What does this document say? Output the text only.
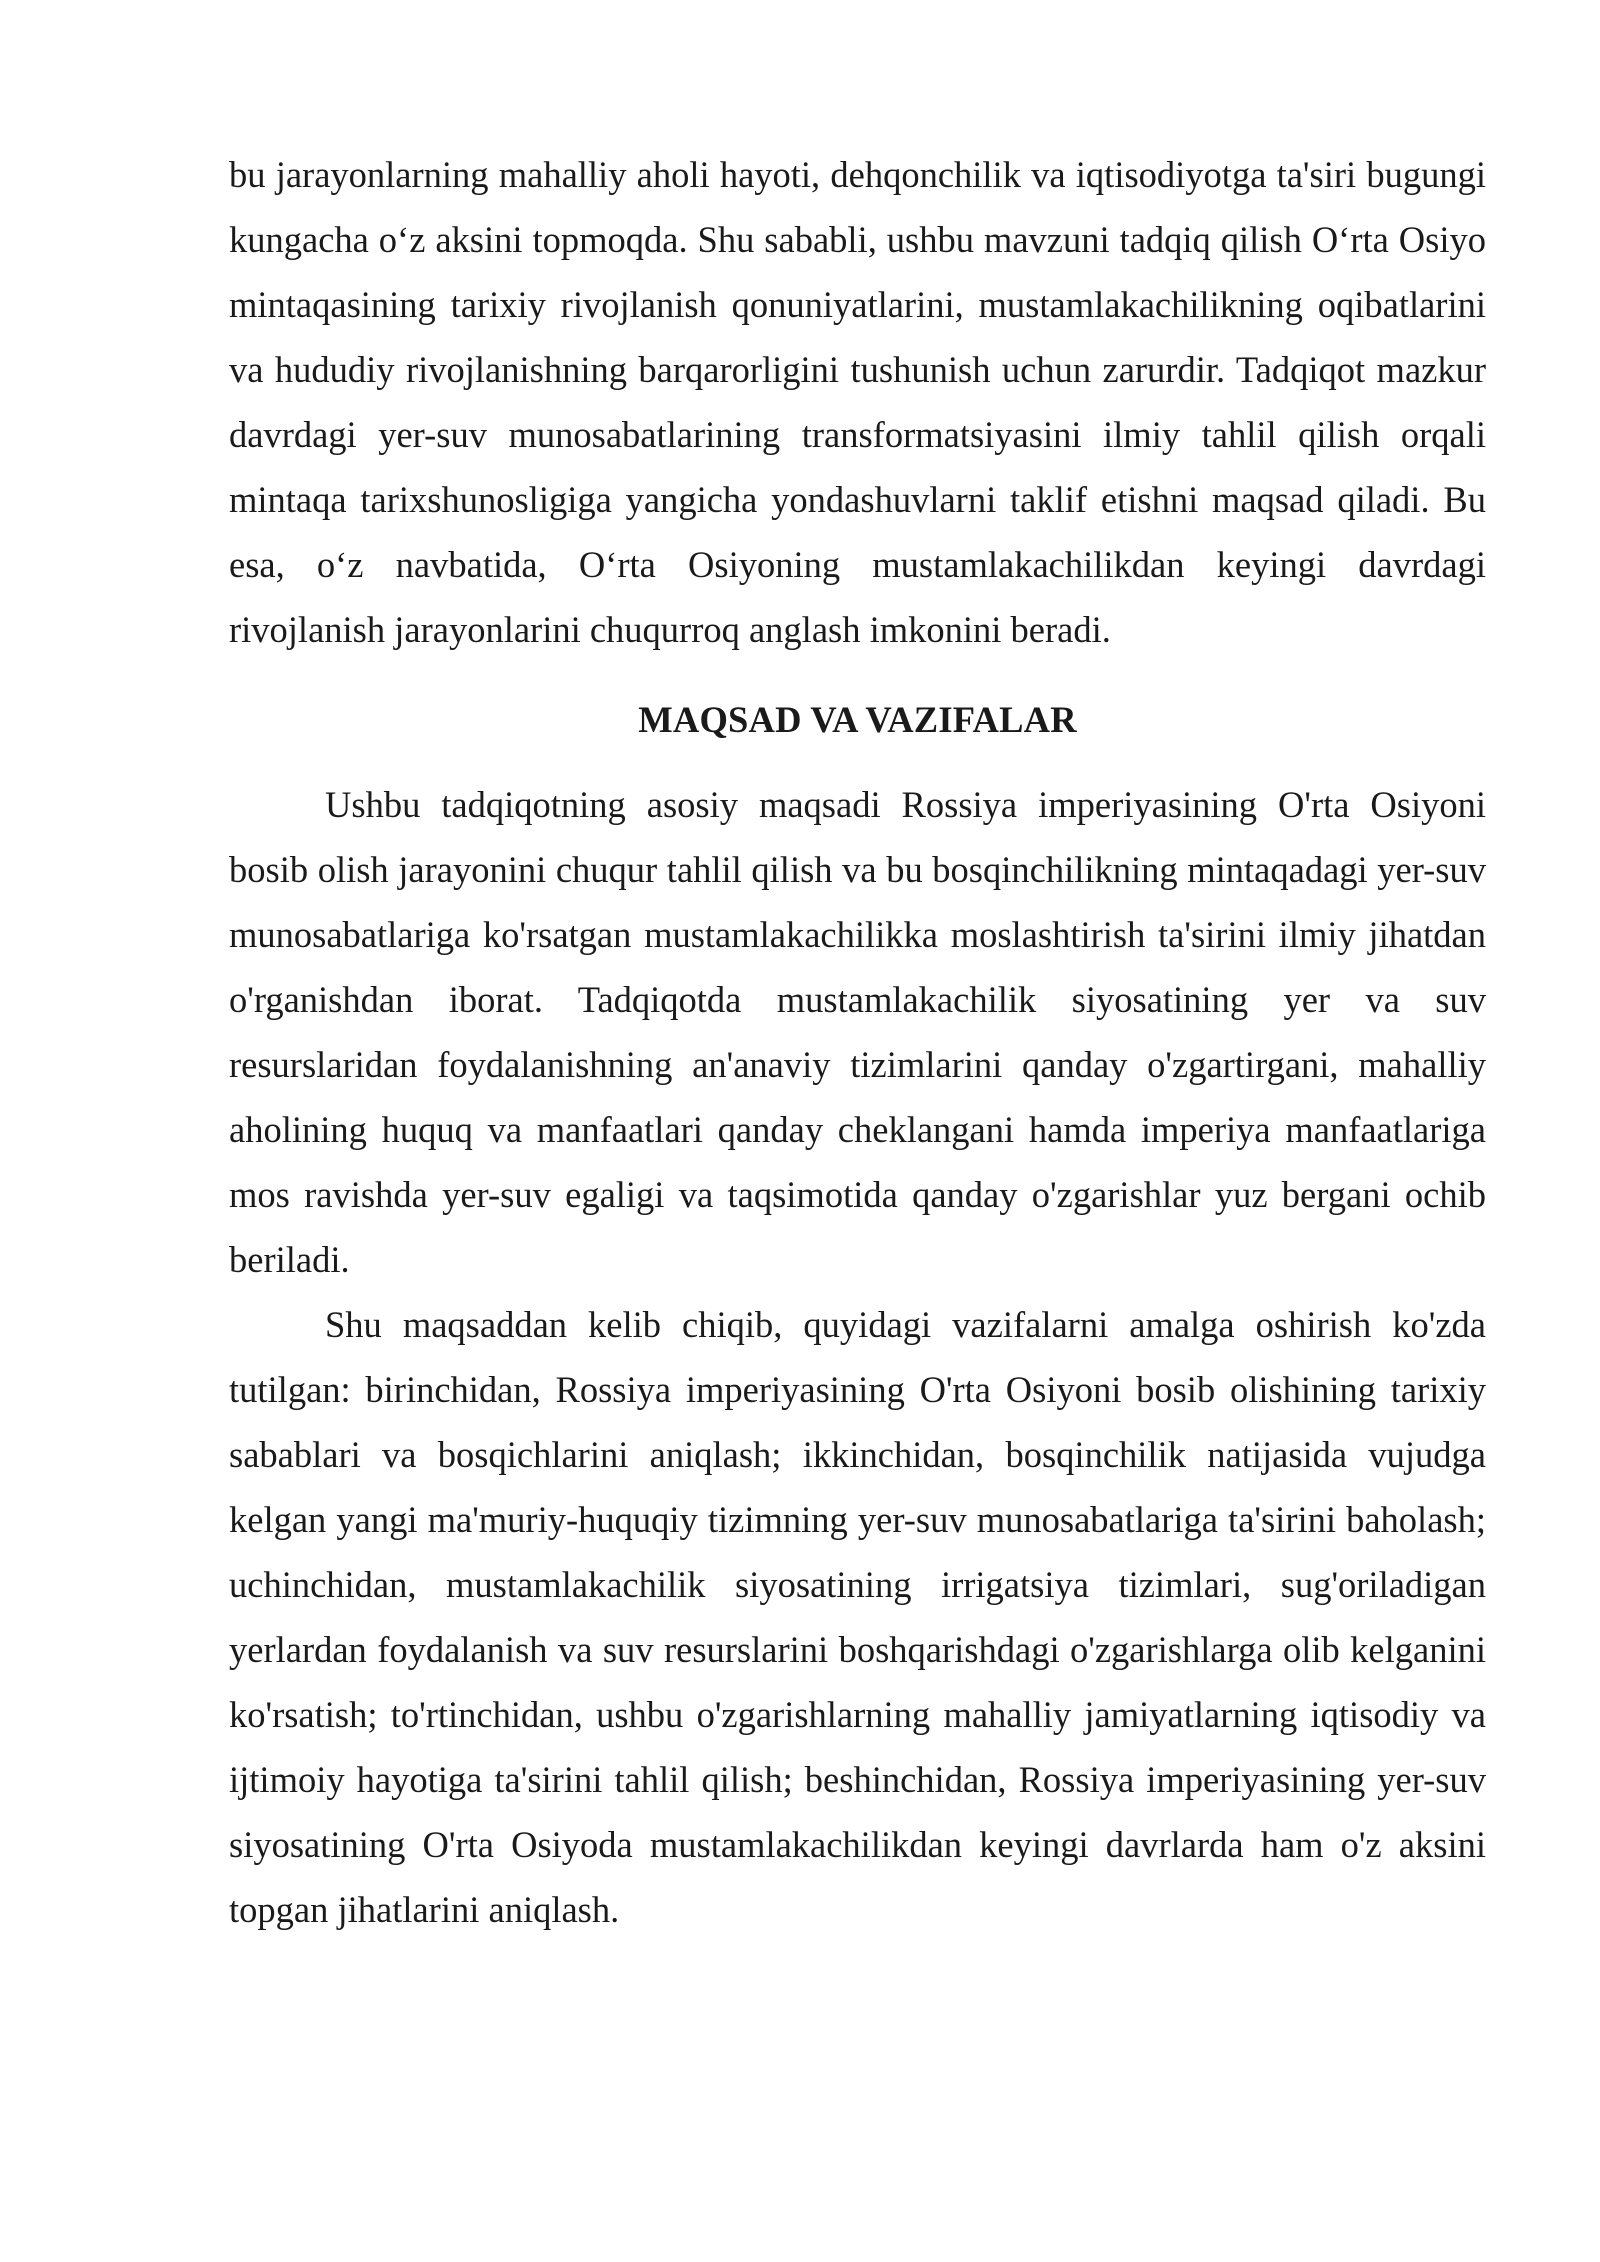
bu jarayonlarning mahalliy aholi hayoti, dehqonchilik va iqtisodiyotga ta'siri bugungi kungacha o‘z aksini topmoqda. Shu sababli, ushbu mavzuni tadqiq qilish O‘rta Osiyo mintaqasining tarixiy rivojlanish qonuniyatlarini, mustamlakachilikning oqibatlarini va hududiy rivojlanishning barqarorligini tushunish uchun zarurdir. Tadqiqot mazkur davrdagi yer-suv munosabatlarining transformatsiyasini ilmiy tahlil qilish orqali mintaqa tarixshunosligiga yangicha yondashuvlarni taklif etishni maqsad qiladi. Bu esa, o‘z navbatida, O‘rta Osiyoning mustamlakachilikdan keyingi davrdagi rivojlanish jarayonlarini chuqurroq anglash imkonini beradi.

MAQSAD VA VAZIFALAR

Ushbu tadqiqotning asosiy maqsadi Rossiya imperiyasining O'rta Osiyoni bosib olish jarayonini chuqur tahlil qilish va bu bosqinchilikning mintaqadagi yer-suv munosabatlariga ko'rsatgan mustamlakachilikka moslashtirish ta'sirini ilmiy jihatdan o'rganishdan iborat. Tadqiqotda mustamlakachilik siyosatining yer va suv resurslaridan foydalanishning an'anaviy tizimlarini qanday o'zgartirgani, mahalliy aholining huquq va manfaatlari qanday cheklangani hamda imperiya manfaatlariga mos ravishda yer-suv egaligi va taqsimotida qanday o'zgarishlar yuz bergani ochib beriladi.

Shu maqsaddan kelib chiqib, quyidagi vazifalarni amalga oshirish ko'zda tutilgan: birinchidan, Rossiya imperiyasining O'rta Osiyoni bosib olishining tarixiy sabablari va bosqichlarini aniqlash; ikkinchidan, bosqinchilik natijasida vujudga kelgan yangi ma'muriy-huquqiy tizimning yer-suv munosabatlariga ta'sirini baholash; uchinchidan, mustamlakachilik siyosatining irrigatsiya tizimlari, sug'oriladigan yerlardan foydalanish va suv resurslarini boshqarishdagi o'zgarishlarga olib kelganini ko'rsatish; to'rtinchidan, ushbu o'zgarishlarning mahalliy jamiyatlarning iqtisodiy va ijtimoiy hayotiga ta'sirini tahlil qilish; beshinchidan, Rossiya imperiyasining yer-suv siyosatining O'rta Osiyoda mustamlakachilikdan keyingi davrlarda ham o'z aksini topgan jihatlarini aniqlash.
